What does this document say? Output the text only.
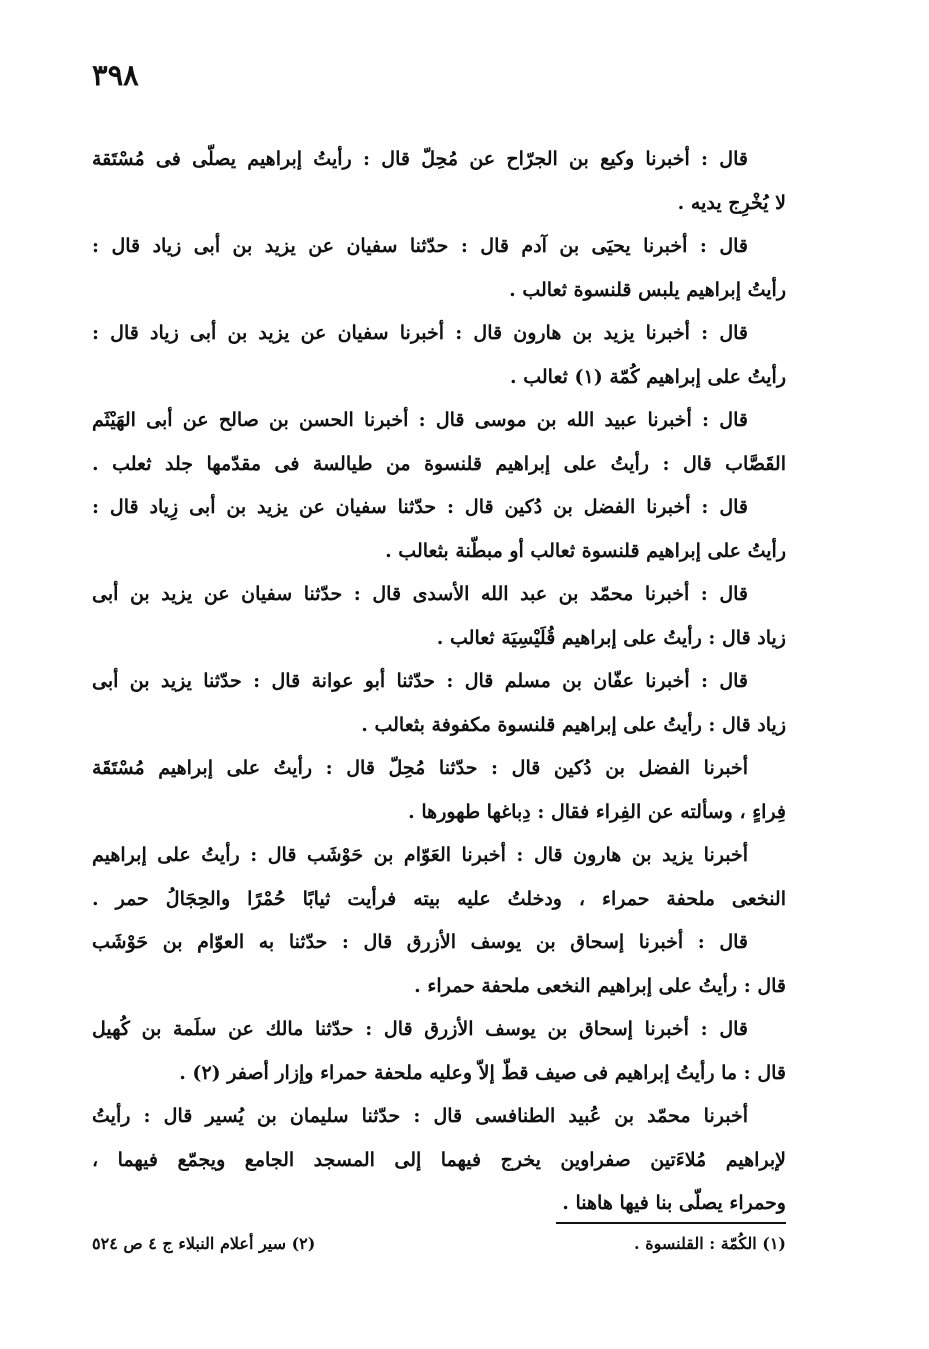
٣٩٨
قال : أخبرنا وكيع بن الجرّاح عن مُحِلّ قال : رأيتُ إبراهيم يصلّى فى مُسْتَقة
لا يُخْرِج يديه .
قال : أخبرنا يحيَى بن آدم قال : حدّثنا سفيان عن يزيد بن أبى زياد قال :
رأيتُ إبراهيم يلبس قلنسوة ثعالب .
قال : أخبرنا يزيد بن هارون قال : أخبرنا سفيان عن يزيد بن أبى زياد قال :
رأيتُ على إبراهيم كُمّة (١) ثعالب .
قال : أخبرنا عبيد الله بن موسى قال : أخبرنا الحسن بن صالح عن أبى الهَيْثَم
القَصَّاب قال : رأيتُ على إبراهيم قلنسوة من طيالسة فى مقدّمها جلد ثعلب .
قال : أخبرنا الفضل بن دُكين قال : حدّثنا سفيان عن يزيد بن أبى زِياد قال :
رأيتُ على إبراهيم قلنسوة ثعالب أو مبطّنة بثعالب .
قال : أخبرنا محمّد بن عبد الله الأسدى قال : حدّثنا سفيان عن يزيد بن أبى
زياد قال : رأيتُ على إبراهيم قُلَيْسِيَة ثعالب .
قال : أخبرنا عفّان بن مسلم قال : حدّثنا أبو عوانة قال : حدّثنا يزيد بن أبى
زياد قال : رأيتُ على إبراهيم قلنسوة مكفوفة بثعالب .
أخبرنا الفضل بن دُكين قال : حدّثنا مُحِلّ قال : رأيتُ على إبراهيم مُسْتَقَة
فِراءٍ ، وسألته عن الفِراء فقال : دِباغها طهورها .
أخبرنا يزيد بن هارون قال : أخبرنا العَوّام بن حَوْشَب قال : رأيتُ على إبراهيم
النخعى ملحفة حمراء ، ودخلتُ عليه بيته فرأيت ثيابًا حُمْرًا والحِجَالُ حمر .
قال : أخبرنا إسحاق بن يوسف الأزرق قال : حدّثنا به العوّام بن حَوْشَب
قال : رأيتُ على إبراهيم النخعى ملحفة حمراء .
قال : أخبرنا إسحاق بن يوسف الأزرق قال : حدّثنا مالك عن سلَمة بن كُهيل
قال : ما رأيتُ إبراهيم فى صيف قطّ إلاّ وعليه ملحفة حمراء وإزار أصفر (٢) .
أخبرنا محمّد بن عُبيد الطنافسى قال : حدّثنا سليمان بن يُسير قال : رأيتُ
لإبراهيم مُلاءَتين صفراوين يخرج فيهما إلى المسجد الجامع ويجمّع فيهما ،
وحمراء يصلّى بنا فيها هاهنا .
(١) الكُمّة : القلنسوة .
(٢) سير أعلام النبلاء ج ٤ ص ٥٢٤
